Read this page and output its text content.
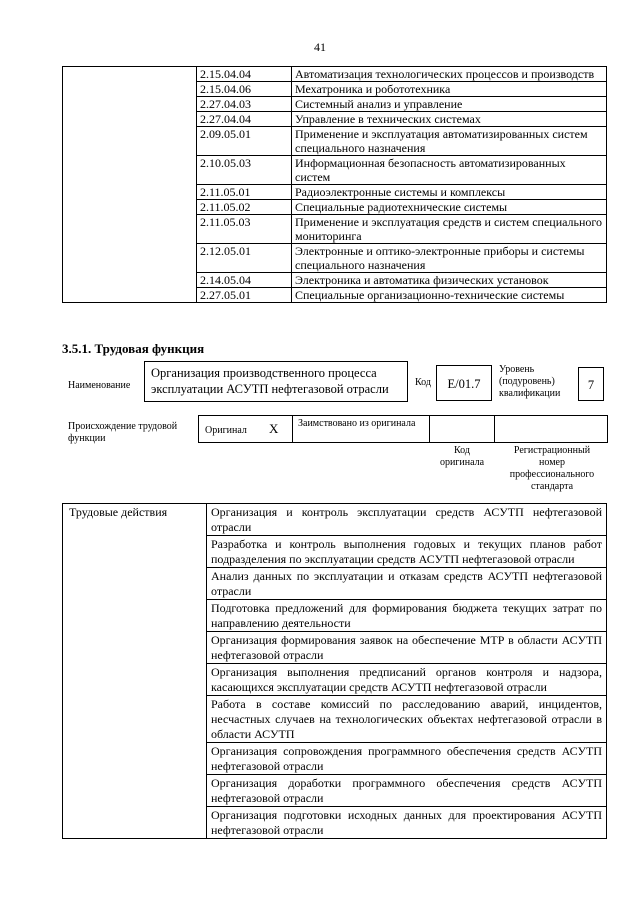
41
	2.15.04.04	Автоматизация технологических процессов и производств
	2.15.04.06	Мехатроника и робототехника
	2.27.04.03	Системный анализ и управление
	2.27.04.04	Управление в технических системах
	2.09.05.01	Применение и эксплуатация автоматизированных систем специального назначения
	2.10.05.03	Информационная безопасность автоматизированных систем
	2.11.05.01	Радиоэлектронные системы и комплексы
	2.11.05.02	Специальные радиотехнические системы
	2.11.05.03	Применение и эксплуатация средств и систем специального мониторинга
	2.12.05.01	Электронные и оптико-электронные приборы и системы специального назначения
	2.14.05.04	Электроника и автоматика физических установок
	2.27.05.01	Специальные организационно-технические системы
3.5.1. Трудовая функция
Наименование
Организация производственного процесса эксплуатации АСУТП нефтегазовой отрасли	Код	E/01.7
Уровень (подуровень) квалификации
7
Происхождение трудовой функции
Оригинал X Заимствовано из оригинала
Код оригинала
Регистрационный номер профессионального стандарта
Трудовые действия	Организация и контроль эксплуатации средств АСУТП нефтегазовой отрасли
Разработка и контроль выполнения годовых и текущих планов работ подразделения по эксплуатации средств АСУТП нефтегазовой отрасли
Анализ данных по эксплуатации и отказам средств АСУТП нефтегазовой отрасли
Подготовка предложений для формирования бюджета текущих затрат по направлению деятельности
Организация формирования заявок на обеспечение МТР в области АСУТП нефтегазовой отрасли
Организация выполнения предписаний органов контроля и надзора, касающихся эксплуатации средств АСУТП нефтегазовой отрасли
Работа в составе комиссий по расследованию аварий, инцидентов, несчастных случаев на технологических объектах нефтегазовой отрасли в области АСУТП
Организация сопровождения программного обеспечения средств АСУТП нефтегазовой отрасли
Организация доработки программного обеспечения средств АСУТП нефтегазовой отрасли
Организация подготовки исходных данных для проектирования АСУТП нефтегазовой отрасли
